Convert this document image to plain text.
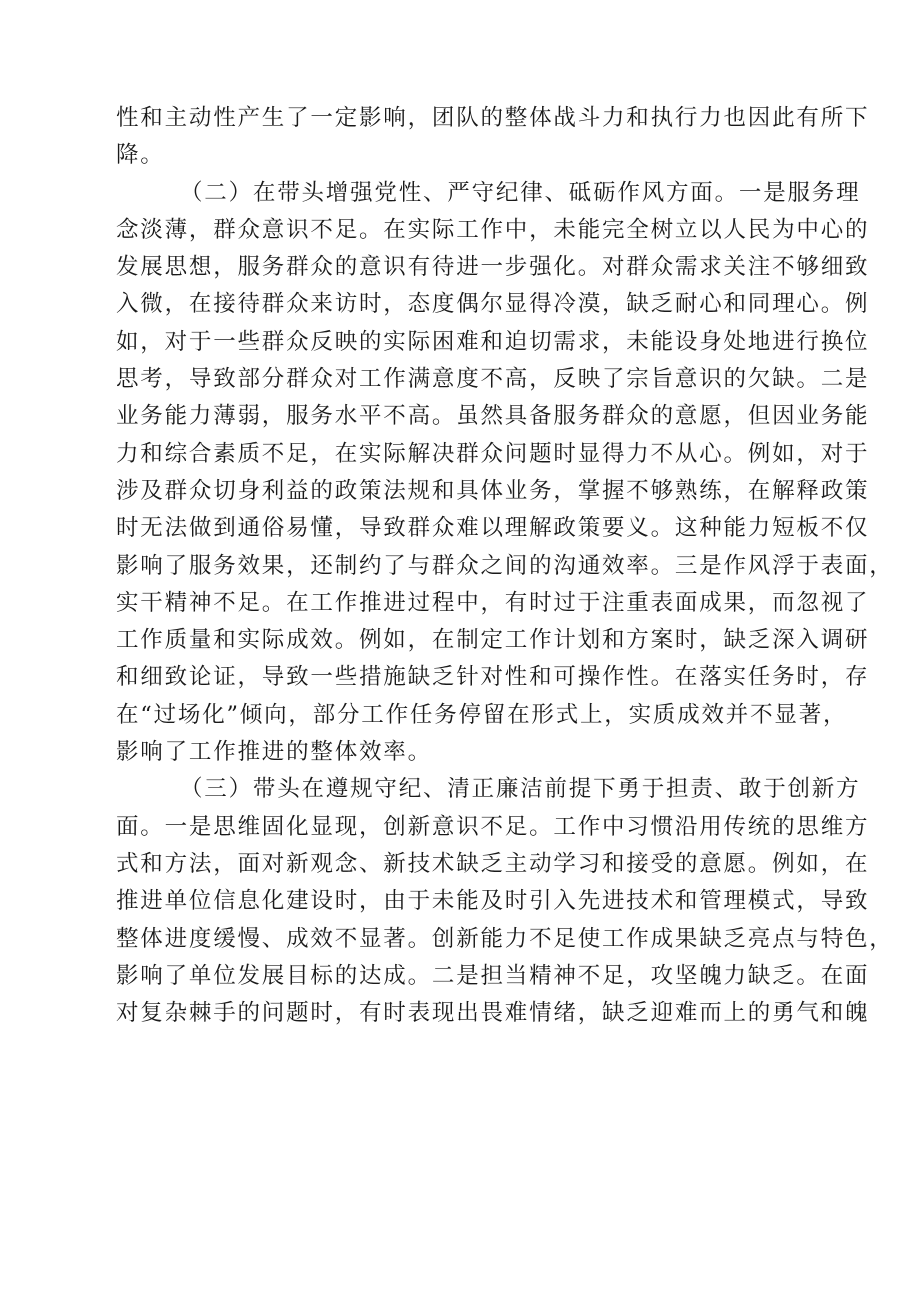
性和主动性产生了一定影响，团队的整体战斗力和执行力也因此有所下
降。
（二）在带头增强党性、严守纪律、砥砺作风方面。一是服务理
念淡薄，群众意识不足。在实际工作中，未能完全树立以人民为中心的
发展思想，服务群众的意识有待进一步强化。对群众需求关注不够细致
入微，在接待群众来访时，态度偶尔显得冷漠，缺乏耐心和同理心。例
如，对于一些群众反映的实际困难和迫切需求，未能设身处地进行换位
思考，导致部分群众对工作满意度不高，反映了宗旨意识的欠缺。二是
业务能力薄弱，服务水平不高。虽然具备服务群众的意愿，但因业务能
力和综合素质不足，在实际解决群众问题时显得力不从心。例如，对于
涉及群众切身利益的政策法规和具体业务，掌握不够熟练，在解释政策
时无法做到通俗易懂，导致群众难以理解政策要义。这种能力短板不仅
影响了服务效果，还制约了与群众之间的沟通效率。三是作风浮于表面，
实干精神不足。在工作推进过程中，有时过于注重表面成果，而忽视了
工作质量和实际成效。例如，在制定工作计划和方案时，缺乏深入调研
和细致论证，导致一些措施缺乏针对性和可操作性。在落实任务时，存
在“过场化”倾向，部分工作任务停留在形式上，实质成效并不显著，
影响了工作推进的整体效率。
（三）带头在遵规守纪、清正廉洁前提下勇于担责、敢于创新方
面。一是思维固化显现，创新意识不足。工作中习惯沿用传统的思维方
式和方法，面对新观念、新技术缺乏主动学习和接受的意愿。例如，在
推进单位信息化建设时，由于未能及时引入先进技术和管理模式，导致
整体进度缓慢、成效不显著。创新能力不足使工作成果缺乏亮点与特色，
影响了单位发展目标的达成。二是担当精神不足，攻坚魄力缺乏。在面
对复杂棘手的问题时，有时表现出畏难情绪，缺乏迎难而上的勇气和魄
